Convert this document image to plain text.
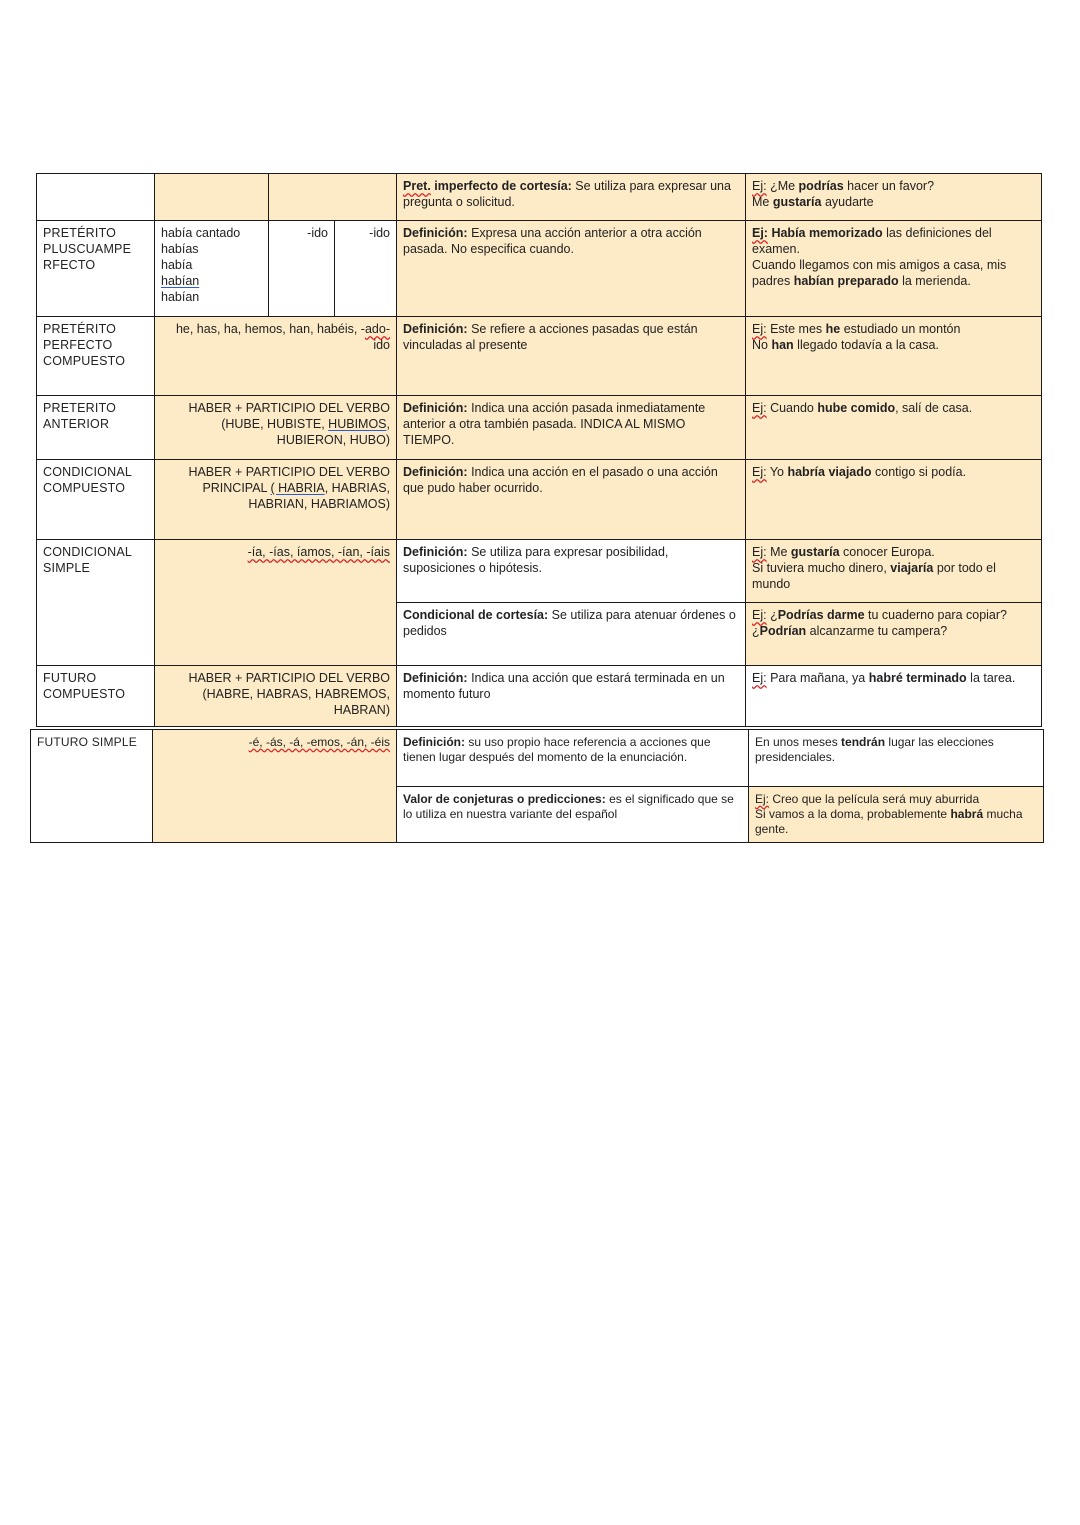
				Pret. imperfecto de cortesía: Se utiliza para expresar una pregunta o solicitud.	Ej: ¿Me podrías hacer un favor?
Me gustaría ayudarte

PRETÉRITO PLUSCUAMPE RFECTO	había cantado
habías
había
habían
habían	-ido	-ido	Definición: Expresa una acción anterior a otra acción pasada. No especifica cuando.	Ej: Había memorizado las definiciones del examen.
Cuando llegamos con mis amigos a casa, mis padres habían preparado la merienda.

PRETÉRITO PERFECTO COMPUESTO	he, has, ha, hemos, han, habéis, -ado- ido			Definición: Se refiere a acciones pasadas que están vinculadas al presente	Ej: Este mes he estudiado un montón
No han llegado todavía a la casa.

PRETERITO ANTERIOR	HABER + PARTICIPIO DEL VERBO (HUBE, HUBISTE, HUBIMOS, HUBIERON, HUBO)			Definición: Indica una acción pasada inmediatamente anterior a otra también pasada. INDICA AL MISMO TIEMPO.	Ej: Cuando hube comido, salí de casa.
CONDICIONAL COMPUESTO	HABER + PARTICIPIO DEL VERBO PRINCIPAL ( HABRIA, HABRIAS, HABRIAN, HABRIAMOS)			Definición: Indica una acción en el pasado o una acción que pudo haber ocurrido.	Ej: Yo habría viajado contigo si podía.
CONDICIONAL SIMPLE	-ía, -ías, íamos, -ían, -íais			Definición: Se utiliza para expresar posibilidad, suposiciones o hipótesis.	Ej: Me gustaría conocer Europa.
Si tuviera mucho dinero, viajaría por todo el mundo

				Condicional de cortesía: Se utiliza para atenuar órdenes o pedidos	Ej: ¿Podrías darme tu cuaderno para copiar?
¿Podrían alcanzarme tu campera?

FUTURO COMPUESTO	HABER + PARTICIPIO DEL VERBO (HABRE, HABRAS, HABREMOS, HABRAN)			Definición: Indica una acción que estará terminada en un momento futuro	Ej: Para mañana, ya habré terminado la tarea.
FUTURO SIMPLE	-é, -ás, -á, -emos, -án, -éis	Definición: su uso propio hace referencia a acciones que tienen lugar después del momento de la enunciación.	En unos meses tendrán lugar las elecciones presidenciales.
		Valor de conjeturas o predicciones: es el significado que se lo utiliza en nuestra variante del español	Ej: Creo que la película será muy aburrida
Si vamos a la doma, probablemente habrá mucha gente.
